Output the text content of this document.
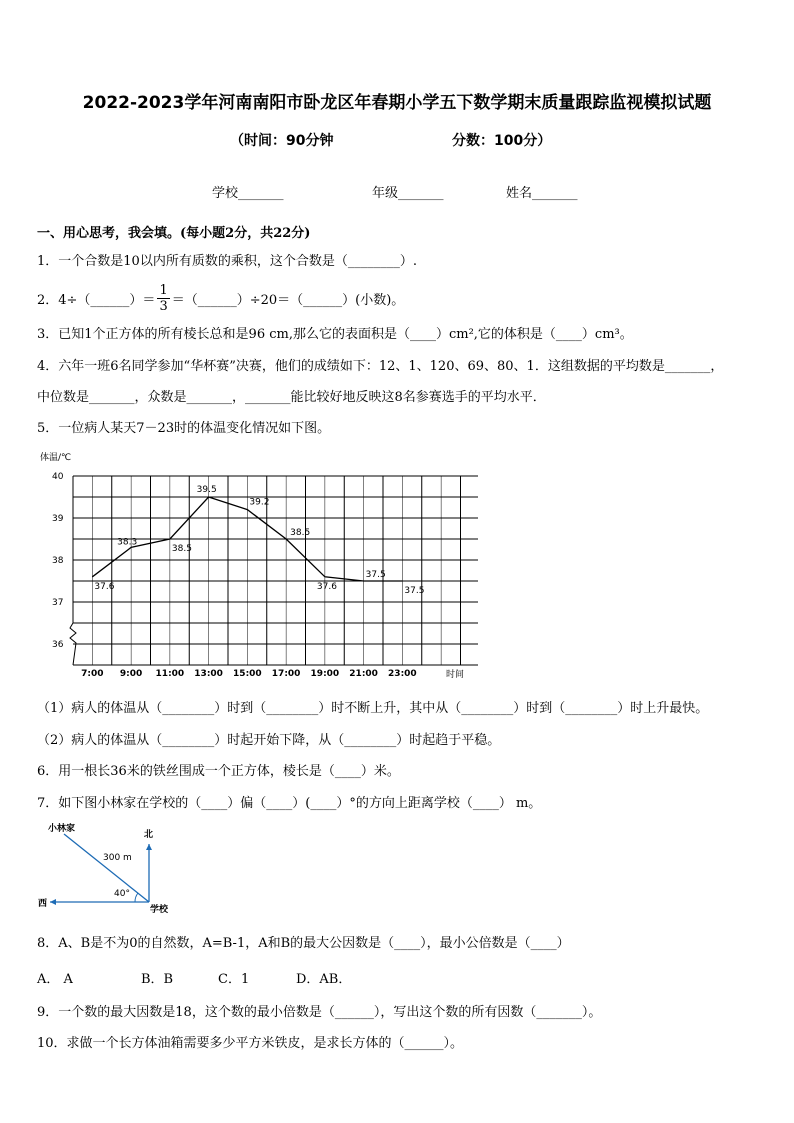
2022-2023学年河南南阳市卧龙区年春期小学五下数学期末质量跟踪监视模拟试题
（时间：90分钟	分数：100分）
学校_______	年级_______	姓名_______
一、用心思考，我会填。(每小题2分，共22分)
1．一个合数是10以内所有质数的乘积，这个合数是（________）.
2．4÷（______）＝ $\frac{1}{3}$ ＝（______）÷20＝（______）(小数)。
3．已知1个正方体的所有棱长总和是96 cm,那么它的表面积是（____）cm²,它的体积是（____）cm³。
4．六年一班6名同学参加“华杯赛”决赛，他们的成绩如下：12、1、120、69、80、1．这组数据的平均数是_______，
中位数是_______，众数是_______，_______能比较好地反映这8名参赛选手的平均水平．
5．一位病人某天7－23时的体温变化情况如下图。
体温/℃
时间
36
37
38
39
40
7:00 9:00 11:00 13:00 15:00 17:00 19:00 21:00 23:00
37.6
38.3
38.5
39.5
39.2
38.5
37.6
37.5
37.5
（1）病人的体温从（________）时到（________）时不断上升，其中从（________）时到（________）时上升最快。
（2）病人的体温从（________）时起开始下降，从（________）时起趋于平稳。
6．用一根长36米的铁丝围成一个正方体，棱长是（____）米。
7．如下图小林家在学校的（____）偏（____）(____）°的方向上距离学校（____） m。
小林家
北
西
学校
300 m
40°
8．A、B是不为0的自然数，A=B-1，A和B的最大公因数是（____），最小公倍数是（____）
A． A	B．B	C．1	D．AB．
9．一个数的最大因数是18，这个数的最小倍数是（______），写出这个数的所有因数（_______）。
10．求做一个长方体油箱需要多少平方米铁皮，是求长方体的（______）。
